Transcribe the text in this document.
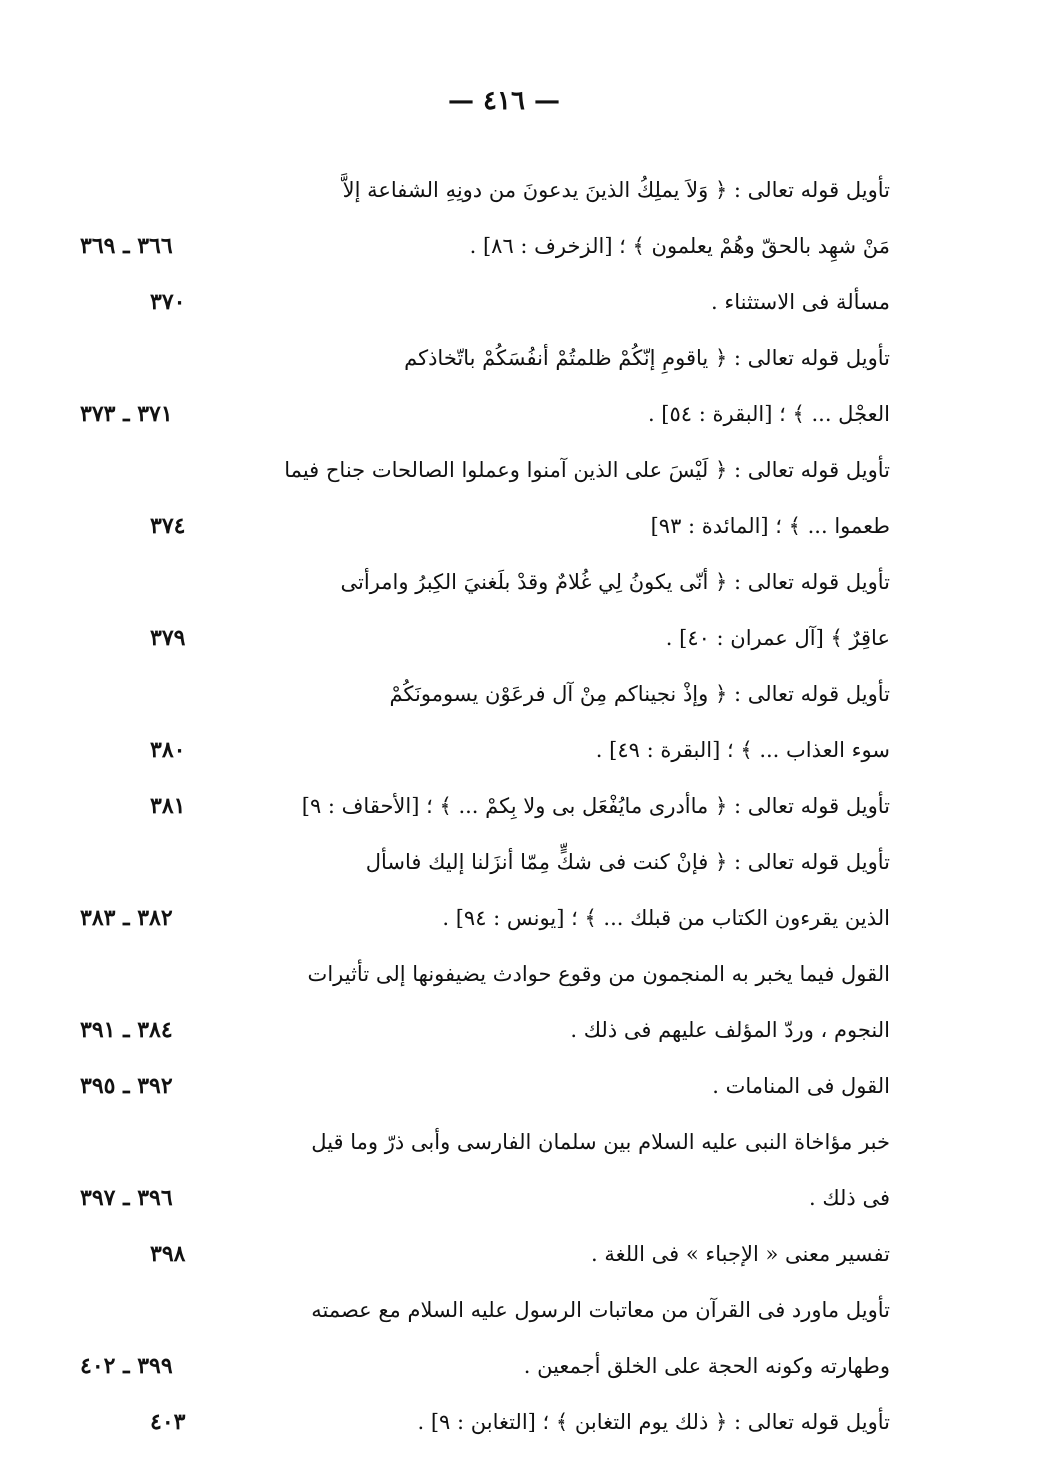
— ٤١٦ —
تأويل قوله تعالى : ﴿ وَلاَ يملِكُ الذينَ يدعونَ من دونِهِ الشفاعة إلاَّ
مَنْ شهِد بالحقّ وهُمْ يعلمون ﴾ ؛ [الزخرف : ٨٦] .
٣٦٦ ـ ٣٦٩
مسألة فى الاستثناء .
٣٧٠
تأويل قوله تعالى : ﴿ ياقومِ إنّكُمْ ظلمتُمْ أنفُسَكُمْ باتّخاذكم
العجْل ... ﴾ ؛ [البقرة : ٥٤] .
٣٧١ ـ ٣٧٣
تأويل قوله تعالى : ﴿ لَيْسَ على الذين آمنوا وعملوا الصالحات جناح فيما
طعموا ... ﴾ ؛ [المائدة : ٩٣]
٣٧٤
تأويل قوله تعالى : ﴿ أنّى يكونُ لِي غُلامٌ وقدْ بلَغنيَ الكِبرُ وامرأتى
عاقِرٌ ﴾ [آل عمران : ٤٠] .
٣٧٩
تأويل قوله تعالى : ﴿ وإذْ نجيناكم مِنْ آل فرعَوْن يسومونَكُمْ
سوء العذاب ... ﴾ ؛ [البقرة : ٤٩] .
٣٨٠
تأويل قوله تعالى : ﴿ ماأدرى مايُفْعَل بى ولا بِكمْ ... ﴾ ؛ [الأحقاف : ٩]
٣٨١
تأويل قوله تعالى : ﴿ فإنْ كنت فى شكٍّ مِمّا أنزَلنا إليك فاسأل
الذين يقرءون الكتاب من قبلك ... ﴾ ؛ [يونس : ٩٤] .
٣٨٢ ـ ٣٨٣
القول فيما يخبر به المنجمون من وقوع حوادث يضيفونها إلى تأثيرات
النجوم ، وردّ المؤلف عليهم فى ذلك .
٣٨٤ ـ ٣٩١
القول فى المنامات .
٣٩٢ ـ ٣٩٥
خبر مؤاخاة النبى عليه السلام بين سلمان الفارسى وأبى ذرّ وما قيل
فى ذلك .
٣٩٦ ـ ٣٩٧
تفسير معنى « الإجباء » فى اللغة .
٣٩٨
تأويل ماورد فى القرآن من معاتبات الرسول عليه السلام مع عصمته
وطهارته وكونه الحجة على الخلق أجمعين .
٣٩٩ ـ ٤٠٢
تأويل قوله تعالى : ﴿ ذلك يوم التغابن ﴾ ؛ [التغابن : ٩] .
٤٠٣
